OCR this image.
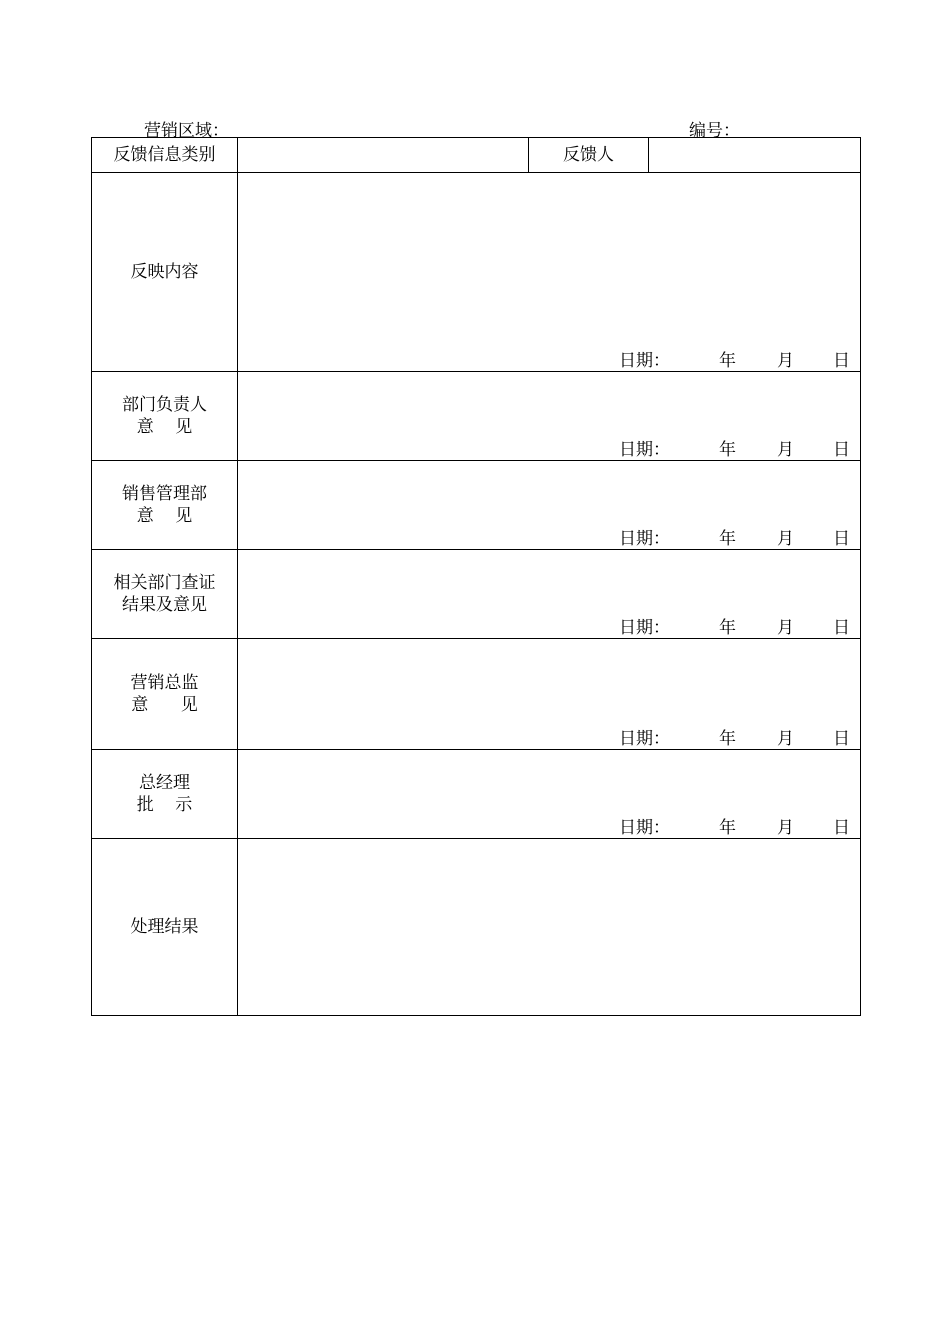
营销区域：	编号：
反馈信息类别		反馈人	

反映内容	日期： 年 月 日		

部门负责人
意    见	日期： 年 月 日		

销售管理部
意    见	日期： 年 月 日		

相关部门查证
结果及意见	日期： 年 月 日		

营销总监
意      见	日期： 年 月 日		

总经理
批    示	日期： 年 月 日		

处理结果			
